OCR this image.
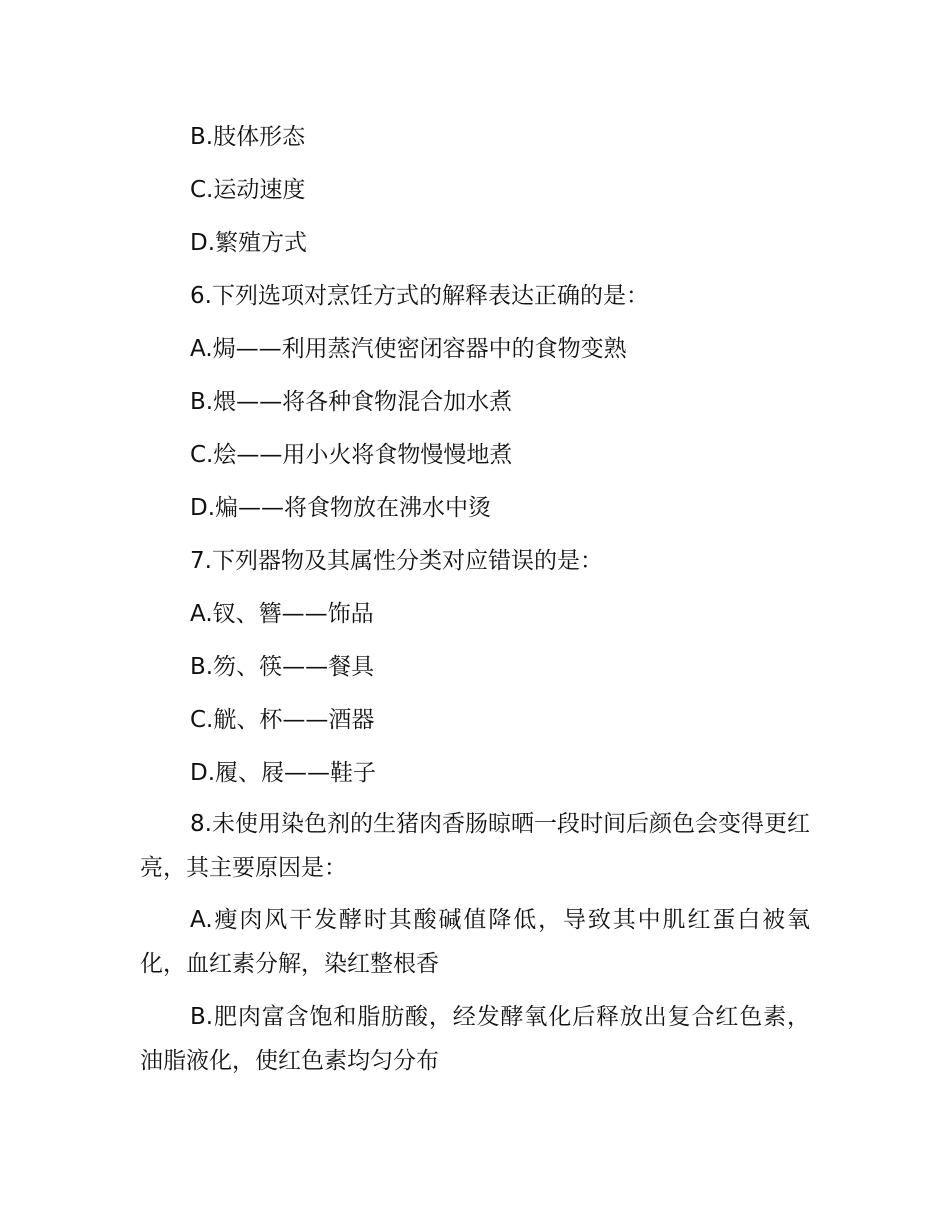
B.肢体形态
C.运动速度
D.繁殖方式
6.下列选项对烹饪方式的解释表达正确的是：
A.焗——利用蒸汽使密闭容器中的食物变熟
B.煨——将各种食物混合加水煮
C.烩——用小火将食物慢慢地煮
D.煸——将食物放在沸水中烫
7.下列器物及其属性分类对应错误的是：
A.钗、簪——饰品
B.笏、筷——餐具
C.觥、杯——酒器
D.履、屐——鞋子
8.未使用染色剂的生猪肉香肠晾晒一段时间后颜色会变得更红亮，其主要原因是：
A.瘦肉风干发酵时其酸碱值降低，导致其中肌红蛋白被氧化，血红素分解，染红整根香
B.肥肉富含饱和脂肪酸，经发酵氧化后释放出复合红色素，油脂液化，使红色素均匀分布
